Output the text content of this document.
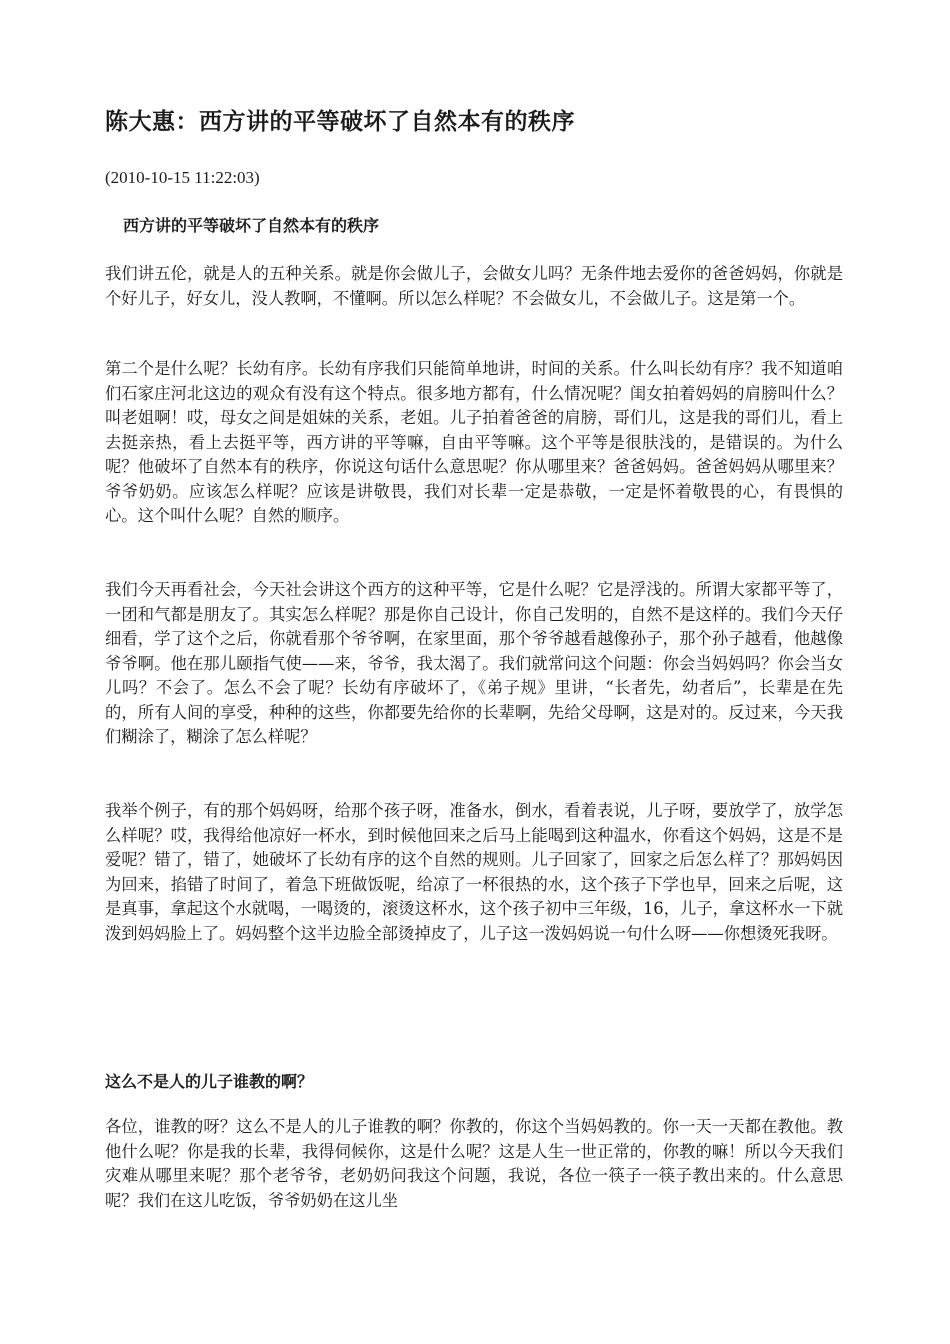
陈大惠：西方讲的平等破坏了自然本有的秩序
(2010-10-15 11:22:03)
西方讲的平等破坏了自然本有的秩序

我们讲五伦，就是人的五种关系。就是你会做儿子，会做女儿吗？无条件地去爱你的爸爸妈妈，你就是个好儿子，好女儿，没人教啊，不懂啊。所以怎么样呢？不会做女儿，不会做儿子。这是第一个。

第二个是什么呢？长幼有序。长幼有序我们只能简单地讲，时间的关系。什么叫长幼有序？我不知道咱们石家庄河北这边的观众有没有这个特点。很多地方都有，什么情况呢？闺女拍着妈妈的肩膀叫什么？叫老姐啊！哎，母女之间是姐妹的关系，老姐。儿子拍着爸爸的肩膀，哥们儿，这是我的哥们儿，看上去挺亲热，看上去挺平等，西方讲的平等嘛，自由平等嘛。这个平等是很肤浅的，是错误的。为什么呢？他破坏了自然本有的秩序，你说这句话什么意思呢？你从哪里来？爸爸妈妈。爸爸妈妈从哪里来？爷爷奶奶。应该怎么样呢？应该是讲敬畏，我们对长辈一定是恭敬，一定是怀着敬畏的心，有畏惧的心。这个叫什么呢？自然的顺序。

我们今天再看社会，今天社会讲这个西方的这种平等，它是什么呢？它是浮浅的。所谓大家都平等了，一团和气都是朋友了。其实怎么样呢？那是你自己设计，你自己发明的，自然不是这样的。我们今天仔细看，学了这个之后，你就看那个爷爷啊，在家里面，那个爷爷越看越像孙子，那个孙子越看，他越像爷爷啊。他在那儿颐指气使——来，爷爷，我太渴了。我们就常问这个问题：你会当妈妈吗？你会当女儿吗？不会了。怎么不会了呢？长幼有序破坏了，《弟子规》里讲，“长者先，幼者后”，长辈是在先的，所有人间的享受，种种的这些，你都要先给你的长辈啊，先给父母啊，这是对的。反过来，今天我们糊涂了，糊涂了怎么样呢？

我举个例子，有的那个妈妈呀，给那个孩子呀，准备水，倒水，看着表说，儿子呀，要放学了，放学怎么样呢？哎，我得给他凉好一杯水，到时候他回来之后马上能喝到这种温水，你看这个妈妈，这是不是爱呢？错了，错了，她破坏了长幼有序的这个自然的规则。儿子回家了，回家之后怎么样了？那妈妈因为回来，掐错了时间了，着急下班做饭呢，给凉了一杯很热的水，这个孩子下学也早，回来之后呢，这是真事，拿起这个水就喝，一喝烫的，滚烫这杯水，这个孩子初中三年级，16，儿子，拿这杯水一下就泼到妈妈脸上了。妈妈整个这半边脸全部烫掉皮了，儿子这一泼妈妈说一句什么呀——你想烫死我呀。

这么不是人的儿子谁教的啊？

各位，谁教的呀？这么不是人的儿子谁教的啊？你教的，你这个当妈妈教的。你一天一天都在教他。教他什么呢？你是我的长辈，我得伺候你，这是什么呢？这是人生一世正常的，你教的嘛！所以今天我们灾难从哪里来呢？那个老爷爷，老奶奶问我这个问题，我说，各位一筷子一筷子教出来的。什么意思呢？我们在这儿吃饭，爷爷奶奶在这儿坐
